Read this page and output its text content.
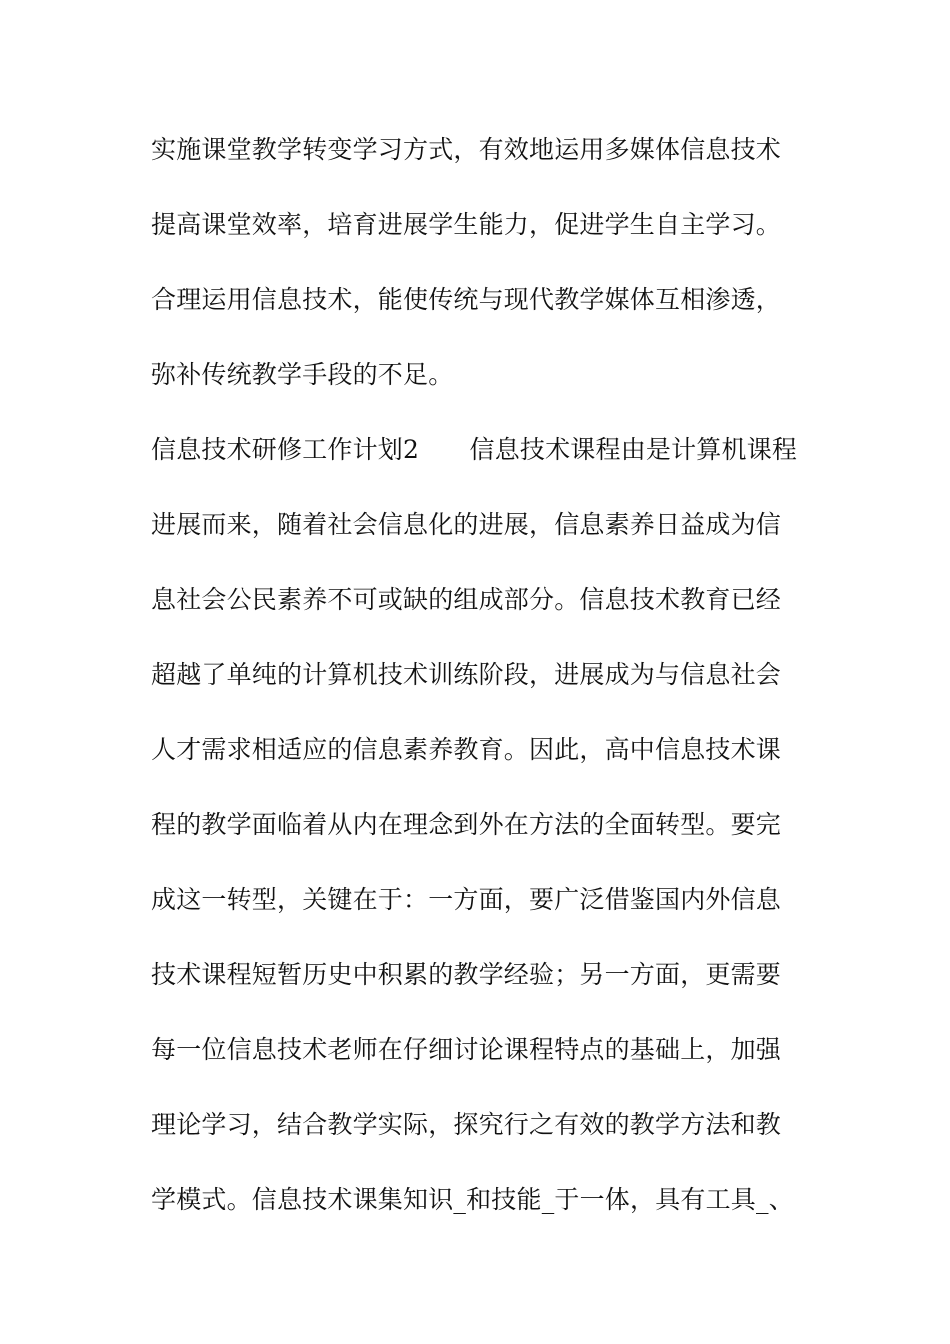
实施课堂教学转变学习方式，有效地运用多媒体信息技术
提高课堂效率，培育进展学生能力，促进学生自主学习。
合理运用信息技术，能使传统与现代教学媒体互相渗透，
弥补传统教学手段的不足。
信息技术研修工作计划2　　信息技术课程由是计算机课程
进展而来，随着社会信息化的进展，信息素养日益成为信
息社会公民素养不可或缺的组成部分。信息技术教育已经
超越了单纯的计算机技术训练阶段，进展成为与信息社会
人才需求相适应的信息素养教育。因此，高中信息技术课
程的教学面临着从内在理念到外在方法的全面转型。要完
成这一转型，关键在于：一方面，要广泛借鉴国内外信息
技术课程短暂历史中积累的教学经验；另一方面，更需要
每一位信息技术老师在仔细讨论课程特点的基础上，加强
理论学习，结合教学实际，探究行之有效的教学方法和教
学模式。信息技术课集知识_和技能_于一体，具有工具_、
